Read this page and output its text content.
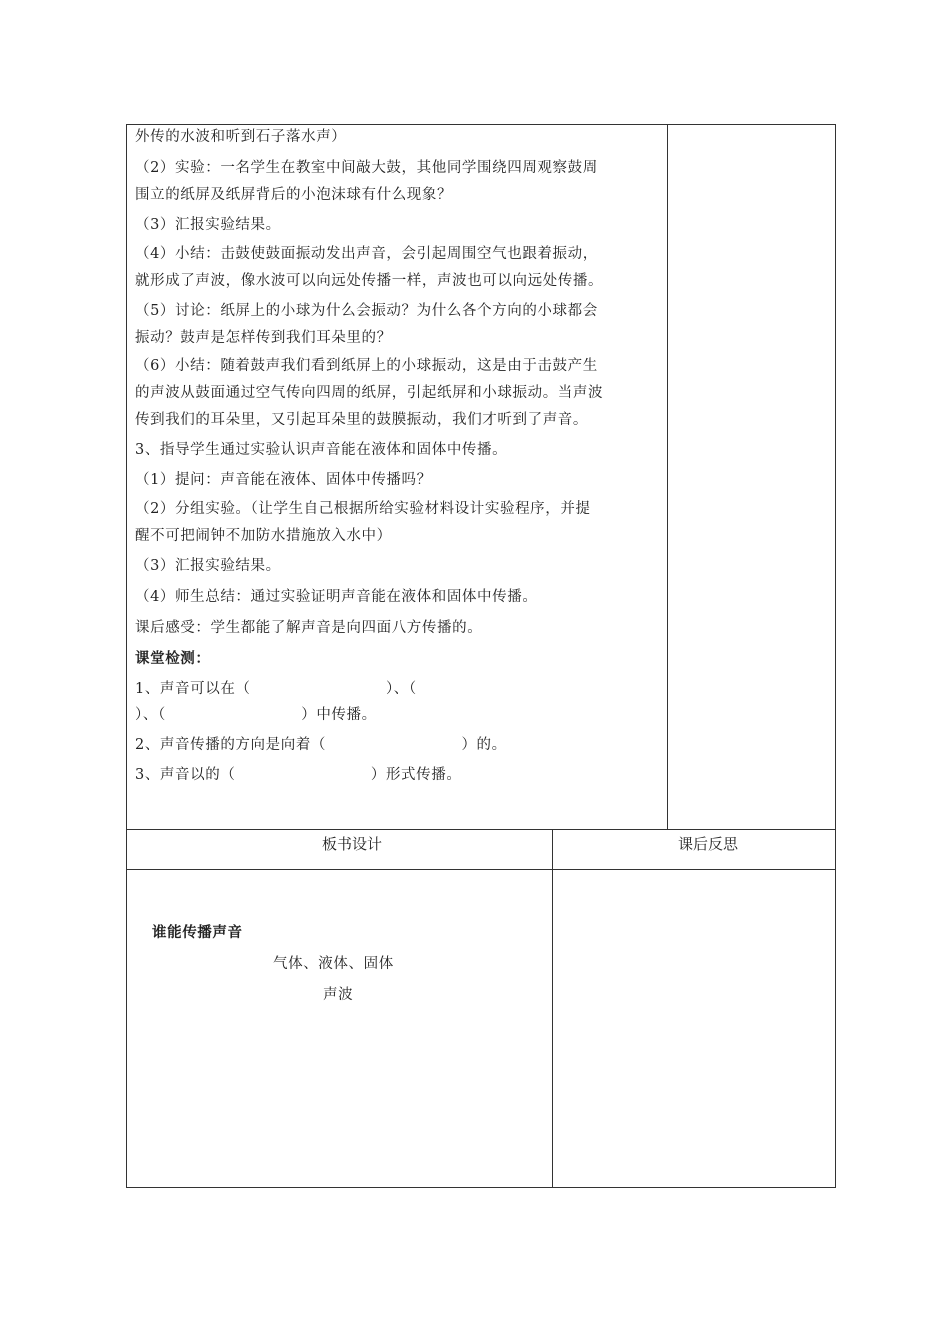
外传的水波和听到石子落水声）
（2）实验：一名学生在教室中间敲大鼓，其他同学围绕四周观察鼓周
围立的纸屏及纸屏背后的小泡沫球有什么现象？
（3）汇报实验结果。
（4）小结：击鼓使鼓面振动发出声音，会引起周围空气也跟着振动，
就形成了声波，像水波可以向远处传播一样，声波也可以向远处传播。
（5）讨论：纸屏上的小球为什么会振动？为什么各个方向的小球都会
振动？鼓声是怎样传到我们耳朵里的？
（6）小结：随着鼓声我们看到纸屏上的小球振动，这是由于击鼓产生
的声波从鼓面通过空气传向四周的纸屏，引起纸屏和小球振动。当声波
传到我们的耳朵里，又引起耳朵里的鼓膜振动，我们才听到了声音。
3、指导学生通过实验认识声音能在液体和固体中传播。
（1）提问：声音能在液体、固体中传播吗？
（2）分组实验。（让学生自己根据所给实验材料设计实验程序，并提
醒不可把闹钟不加防水措施放入水中）
（3）汇报实验结果。
（4）师生总结：通过实验证明声音能在液体和固体中传播。
课后感受：学生都能了解声音是向四面八方传播的。
课堂检测：
1、声音可以在（                          ）、（
）、（                          ）中传播。
2、声音传播的方向是向着（                          ）的。
3、声音以的（                          ）形式传播。
板书设计	课后反思
谁能传播声音
气体、液体、固体
声波
